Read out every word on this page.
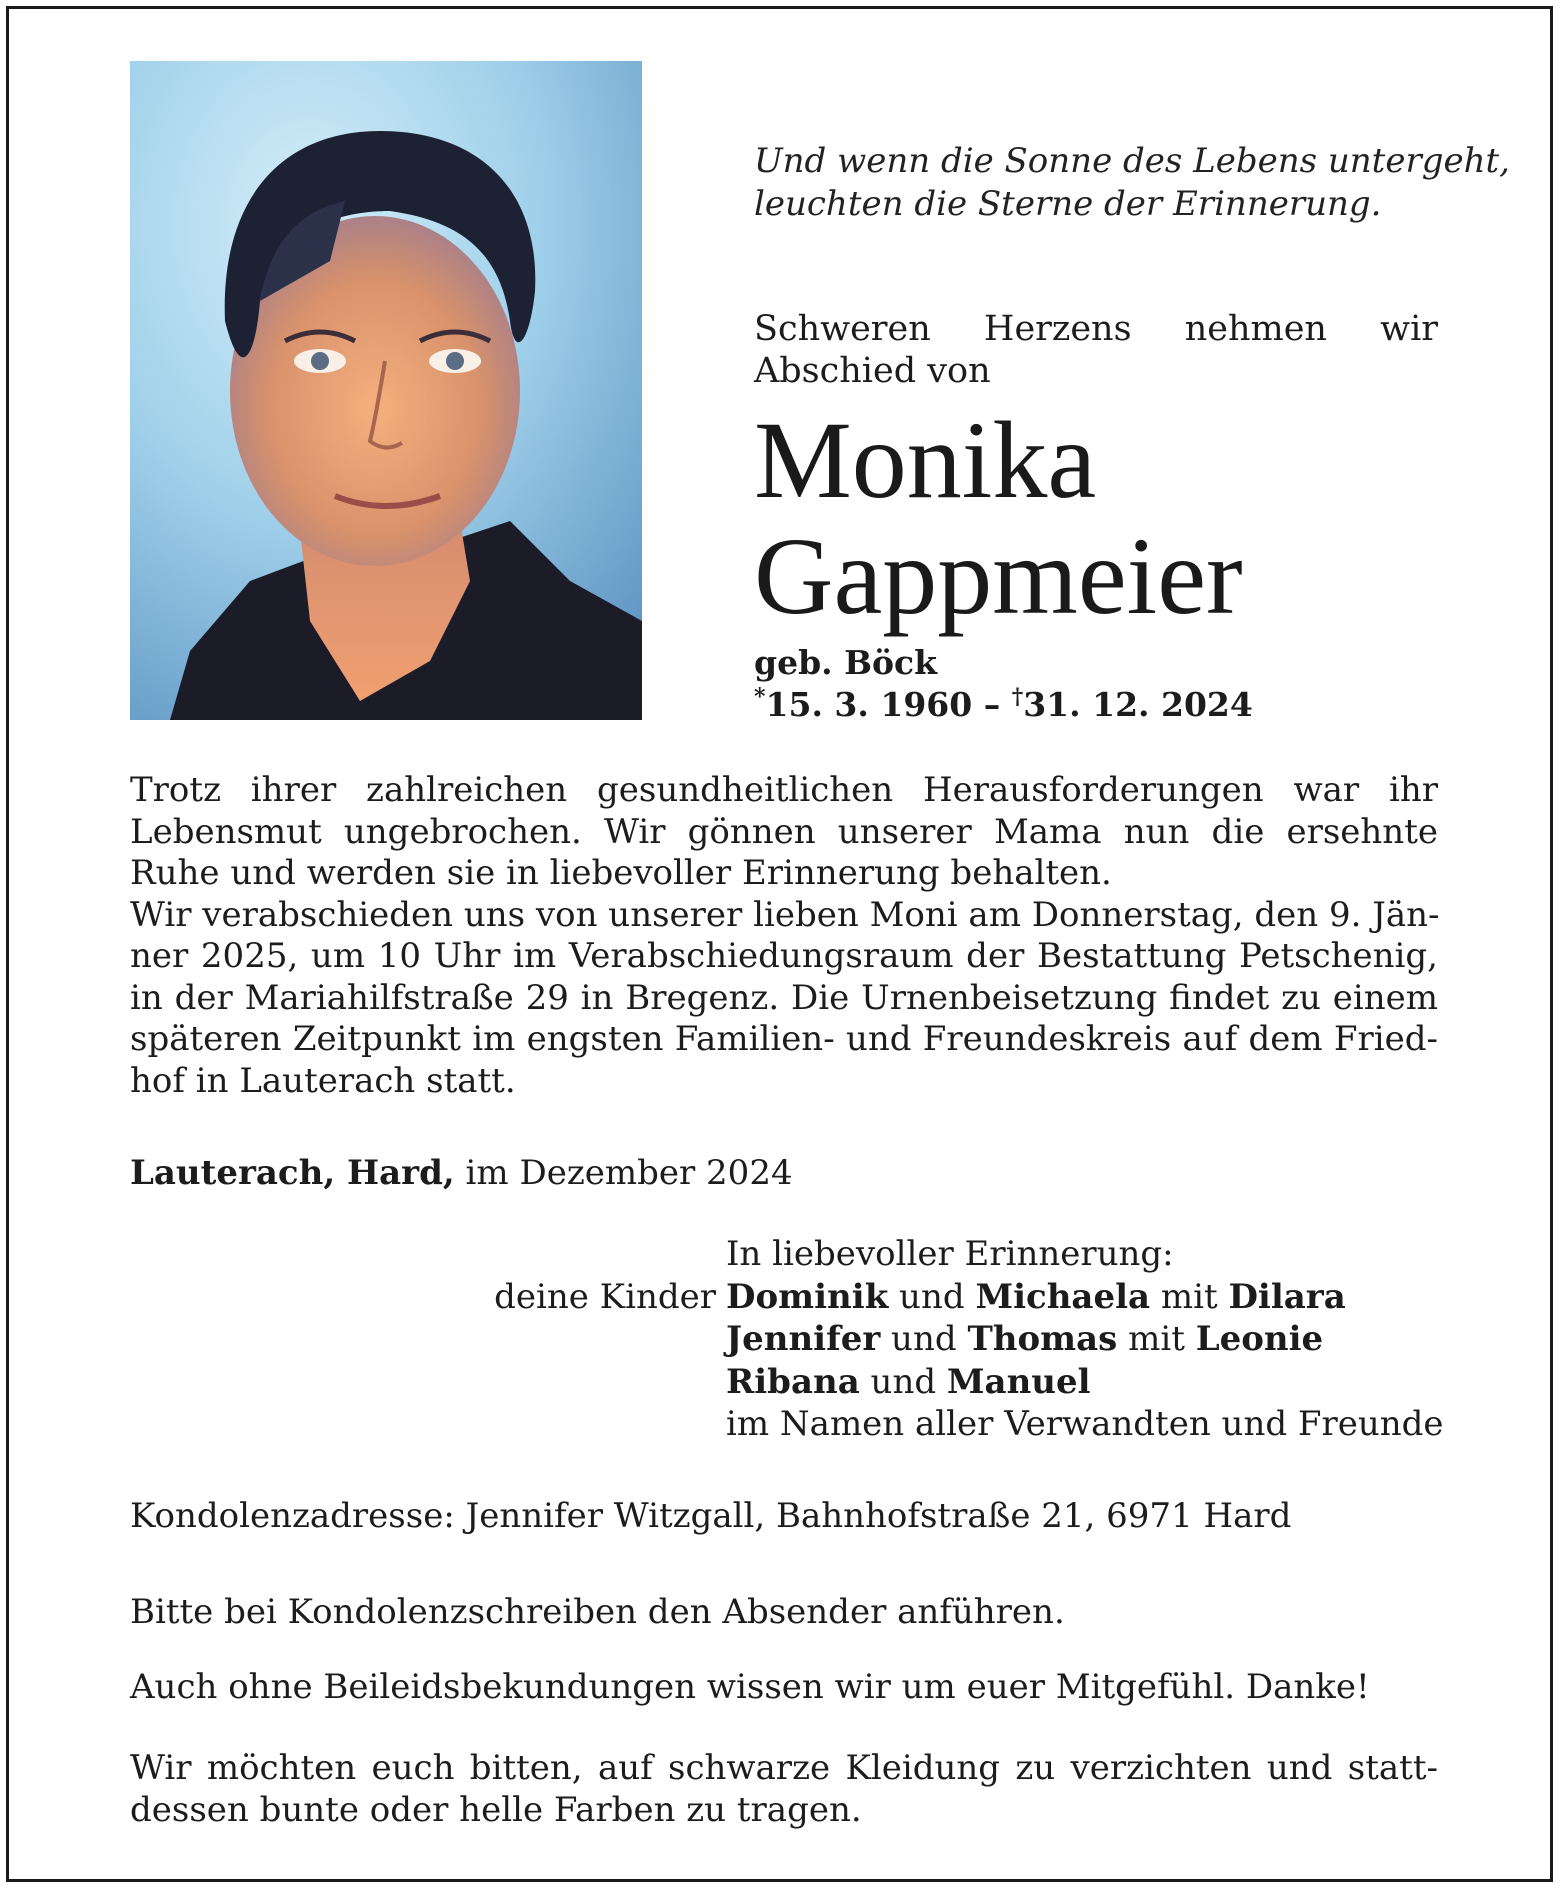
Und wenn die Sonne des Lebens untergeht,
leuchten die Sterne der Erinnerung.
Schweren Herzens nehmen wir
Abschied von
Monika
Gappmeier
geb. Böck
*15. 3. 1960 – †31. 12. 2024
Trotz ihrer zahlreichen gesundheitlichen Herausforderungen war ihr Lebensmut ungebrochen. Wir gönnen unserer Mama nun die ersehnte Ruhe und werden sie in liebevoller Erinnerung behalten.
Wir verabschieden uns von unserer lieben Moni am Donnerstag, den 9. Jän-
ner 2025, um 10 Uhr im Verabschiedungsraum der Bestattung Petschenig,
in der Mariahilfstraße 29 in Bregenz. Die Urnenbeisetzung findet zu einem
späteren Zeitpunkt im engsten Familien- und Freundeskreis auf dem Fried-
hof in Lauterach statt.
Lauterach, Hard, im Dezember 2024
In liebevoller Erinnerung:
deine Kinder Dominik und Michaela mit Dilara
Jennifer und Thomas mit Leonie
Ribana und Manuel
im Namen aller Verwandten und Freunde
Kondolenzadresse: Jennifer Witzgall, Bahnhofstraße 21, 6971 Hard
Bitte bei Kondolenzschreiben den Absender anführen.
Auch ohne Beileidsbekundungen wissen wir um euer Mitgefühl. Danke!
Wir möchten euch bitten, auf schwarze Kleidung zu verzichten und statt-
dessen bunte oder helle Farben zu tragen.
